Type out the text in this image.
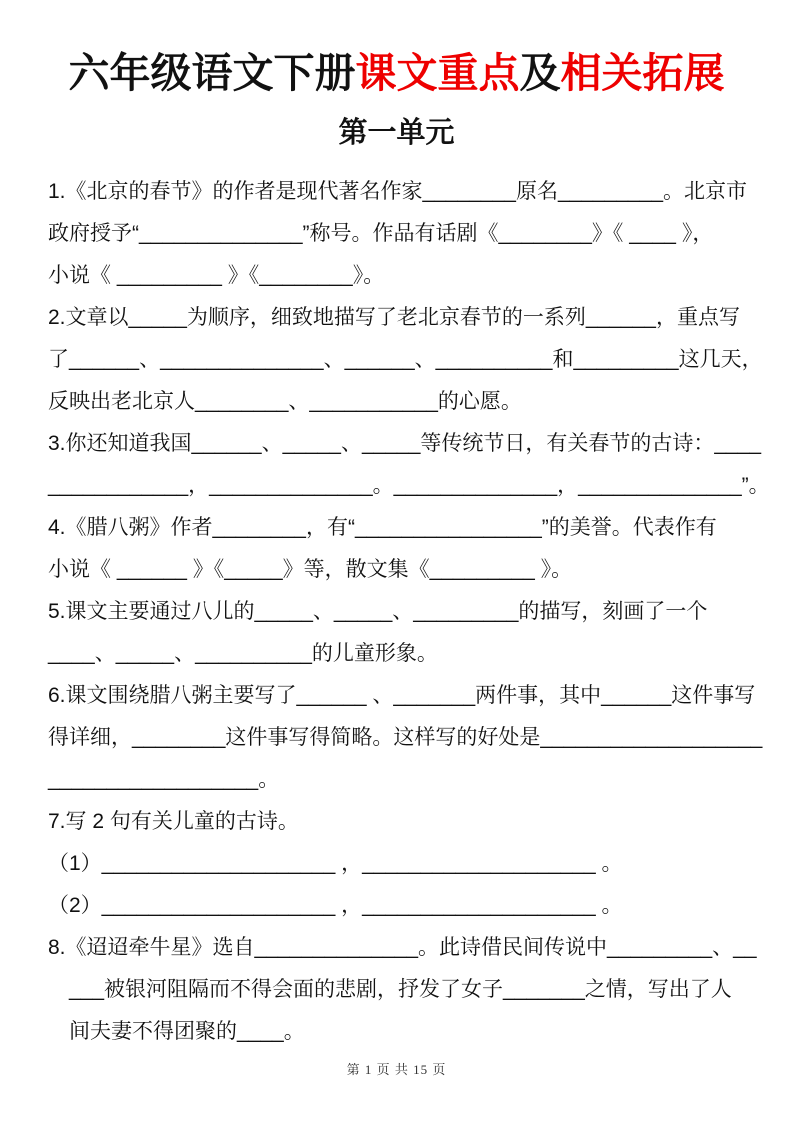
六年级语文下册课文重点及相关拓展
第一单元
1.《北京的春节》的作者是现代著名作家________原名_________。北京市
政府授予“______________”称号。作品有话剧《________》《 ____ 》，
小说《 _________ 》《________》。
2.文章以_____为顺序，细致地描写了老北京春节的一系列______，重点写
了______、______________、______、__________和_________这几天，
反映出老北京人________、___________的心愿。
3.你还知道我国______、_____、_____等传统节日，有关春节的古诗：____
____________，______________。______________，______________”。
4.《腊八粥》作者________，有“________________”的美誉。代表作有
小说《 ______ 》《_____》等，散文集《_________ 》。
5.课文主要通过八儿的_____、_____、_________的描写，刻画了一个
____、_____、__________的儿童形象。
6.课文围绕腊八粥主要写了______ 、_______两件事，其中______这件事写
得详细，________这件事写得简略。这样写的好处是___________________
__________________。
7.写 2 句有关儿童的古诗。
（1）____________________ ，____________________ 。
（2）____________________ ，____________________ 。
8.《迢迢牵牛星》选自______________。此诗借民间传说中_________、__
　___被银河阻隔而不得会面的悲剧，抒发了女子_______之情，写出了人
　间夫妻不得团聚的____。
第 1 页 共 15 页
